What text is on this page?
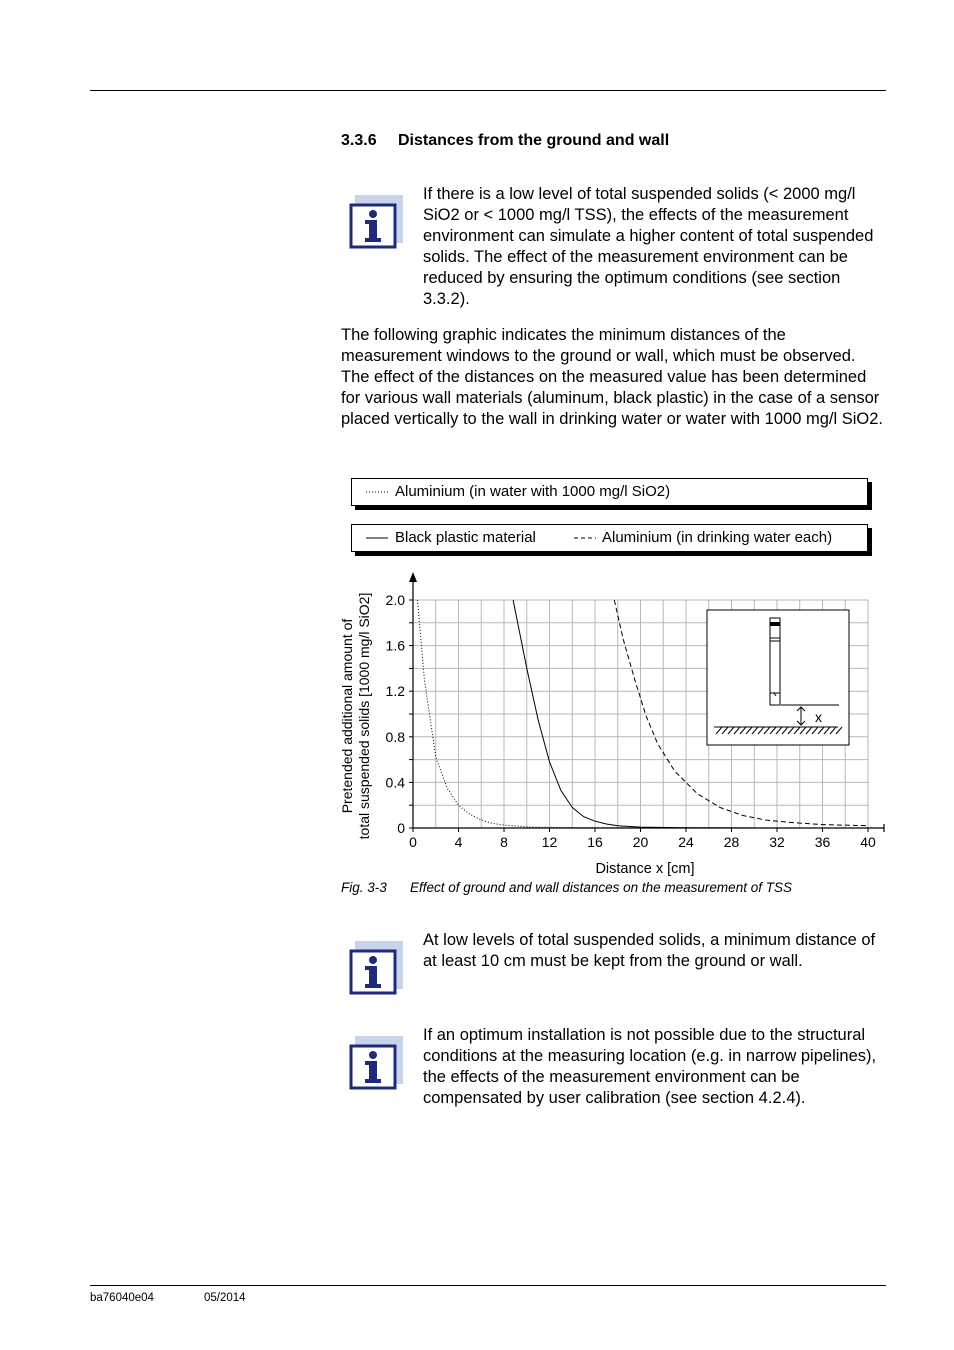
3.3.6 Distances from the ground and wall

If there is a low level of total suspended solids (< 2000 mg/l SiO2 or < 1000 mg/l TSS), the effects of the measurement environment can simulate a higher content of total suspended solids. The effect of the measurement environment can be reduced by ensuring the optimum conditions (see section 3.3.2).

The following graphic indicates the minimum distances of the measurement windows to the ground or wall, which must be observed. The effect of the distances on the measured value has been determined for various wall materials (aluminum, black plastic) in the case of a sensor placed vertically to the wall in drinking water or water with 1000 mg/l SiO2.

Aluminium (in water with 1000 mg/l SiO2)
Black plastic material	Aluminium (in drinking water each)
0	4	8 12 16 20 24 28 32 36 40
0
0.4
0.8
1.2
1.6
2.0
Pretended additional amount of total suspended solids [1000 mg/l SiO2]
Distance x [cm]
x
Fig. 3-3 Effect of ground and wall distances on the measurement of TSS

At low levels of total suspended solids, a minimum distance of at least 10 cm must be kept from the ground or wall.

If an optimum installation is not possible due to the structural conditions at the measuring location (e.g. in narrow pipelines), the effects of the measurement environment can be compensated by user calibration (see section 4.2.4).

ba76040e04	05/2014
